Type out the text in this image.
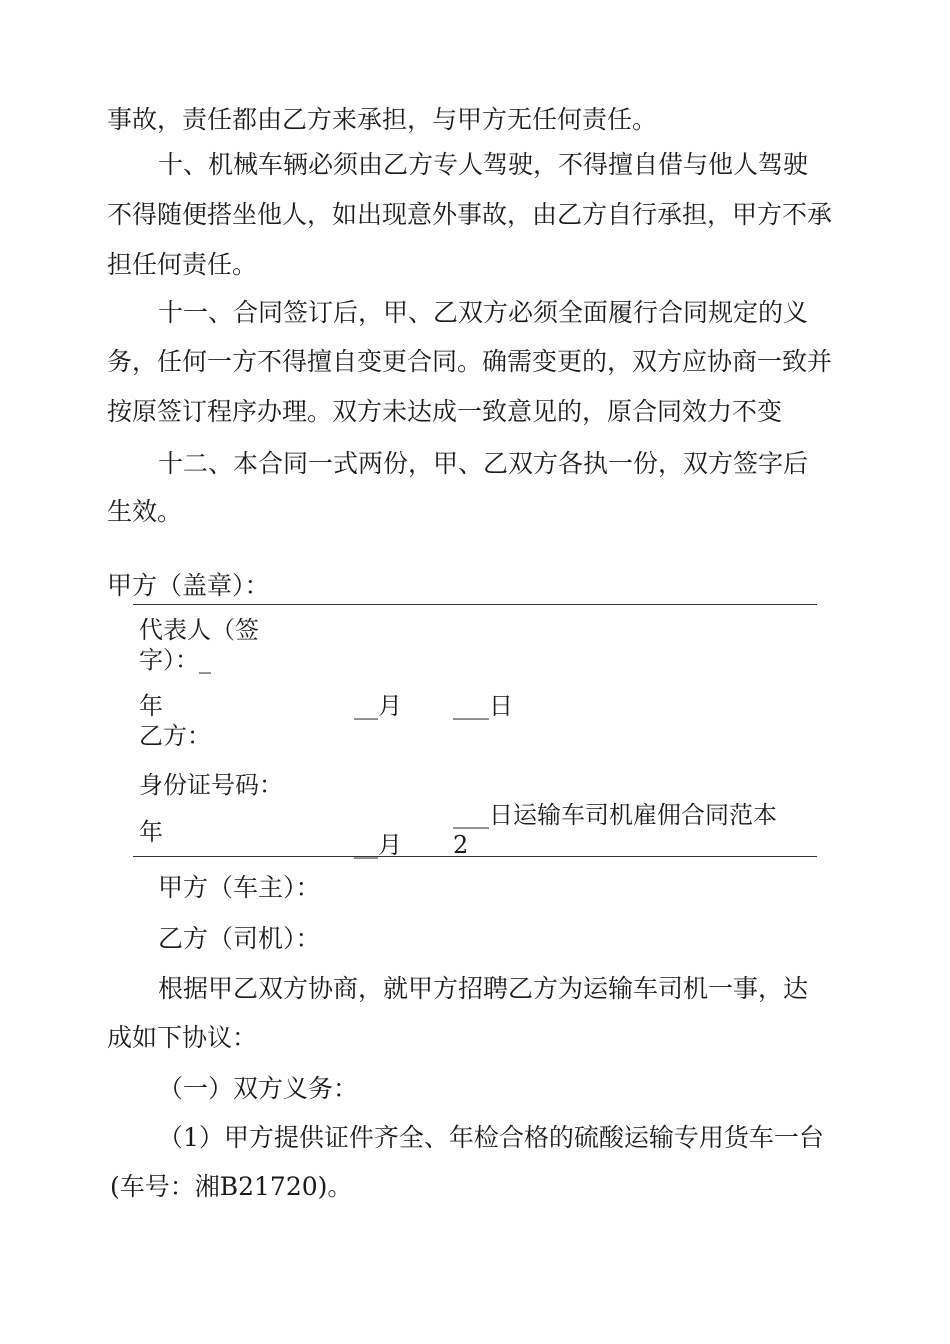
事故，责任都由乙方来承担，与甲方无任何责任。
十、机械车辆必须由乙方专人驾驶，不得擅自借与他人驾驶
不得随便搭坐他人，如出现意外事故，由乙方自行承担，甲方不承
担任何责任。
十一、合同签订后，甲、乙双方必须全面履行合同规定的义
务，任何一方不得擅自变更合同。确需变更的，双方应协商一致并
按原签订程序办理。双方未达成一致意见的，原合同效力不变
十二、本合同一式两份，甲、乙双方各执一份，双方签字后
生效。
甲方（盖章）：
代表人（签
字）：_
年	__月 ___日
乙方：
身份证号码：
___日运输车司机雇佣合同范本
年	__月 2
甲方（车主）：
乙方（司机）：
根据甲乙双方协商，就甲方招聘乙方为运输车司机一事，达
成如下协议：
（一）双方义务：
（1）甲方提供证件齐全、年检合格的硫酸运输专用货车一台
(车号：湘B21720)。
